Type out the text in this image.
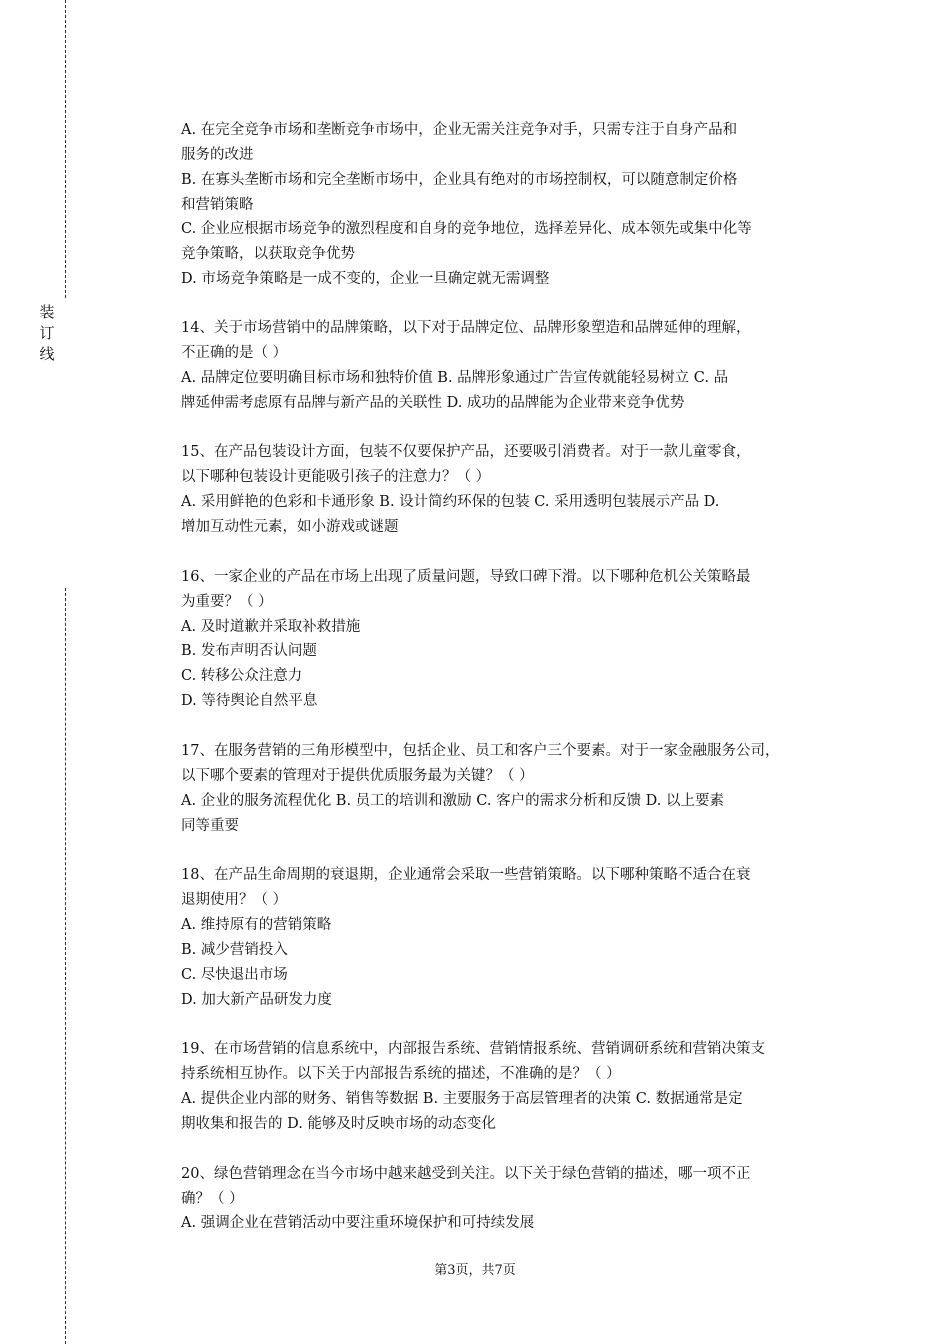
装
订
线
A. 在完全竞争市场和垄断竞争市场中，企业无需关注竞争对手，只需专注于自身产品和
服务的改进
B. 在寡头垄断市场和完全垄断市场中，企业具有绝对的市场控制权，可以随意制定价格
和营销策略
C. 企业应根据市场竞争的激烈程度和自身的竞争地位，选择差异化、成本领先或集中化等
竞争策略，以获取竞争优势
D. 市场竞争策略是一成不变的，企业一旦确定就无需调整
14、关于市场营销中的品牌策略，以下对于品牌定位、品牌形象塑造和品牌延伸的理解，
不正确的是（ ）
A. 品牌定位要明确目标市场和独特价值 B. 品牌形象通过广告宣传就能轻易树立 C. 品
牌延伸需考虑原有品牌与新产品的关联性 D. 成功的品牌能为企业带来竞争优势
15、在产品包装设计方面，包装不仅要保护产品，还要吸引消费者。对于一款儿童零食，
以下哪种包装设计更能吸引孩子的注意力？（ ）
A. 采用鲜艳的色彩和卡通形象 B. 设计简约环保的包装 C. 采用透明包装展示产品 D.
增加互动性元素，如小游戏或谜题
16、一家企业的产品在市场上出现了质量问题，导致口碑下滑。以下哪种危机公关策略最
为重要？（ ）
A. 及时道歉并采取补救措施
B. 发布声明否认问题
C. 转移公众注意力
D. 等待舆论自然平息
17、在服务营销的三角形模型中，包括企业、员工和客户三个要素。对于一家金融服务公司，
以下哪个要素的管理对于提供优质服务最为关键？（ ）
A. 企业的服务流程优化 B. 员工的培训和激励 C. 客户的需求分析和反馈 D. 以上要素
同等重要
18、在产品生命周期的衰退期，企业通常会采取一些营销策略。以下哪种策略不适合在衰
退期使用？（ ）
A. 维持原有的营销策略
B. 减少营销投入
C. 尽快退出市场
D. 加大新产品研发力度
19、在市场营销的信息系统中，内部报告系统、营销情报系统、营销调研系统和营销决策支
持系统相互协作。以下关于内部报告系统的描述，不准确的是？（ ）
A. 提供企业内部的财务、销售等数据 B. 主要服务于高层管理者的决策 C. 数据通常是定
期收集和报告的 D. 能够及时反映市场的动态变化
20、绿色营销理念在当今市场中越来越受到关注。以下关于绿色营销的描述，哪一项不正
确？（ ）
A. 强调企业在营销活动中要注重环境保护和可持续发展
第3页，共7页
